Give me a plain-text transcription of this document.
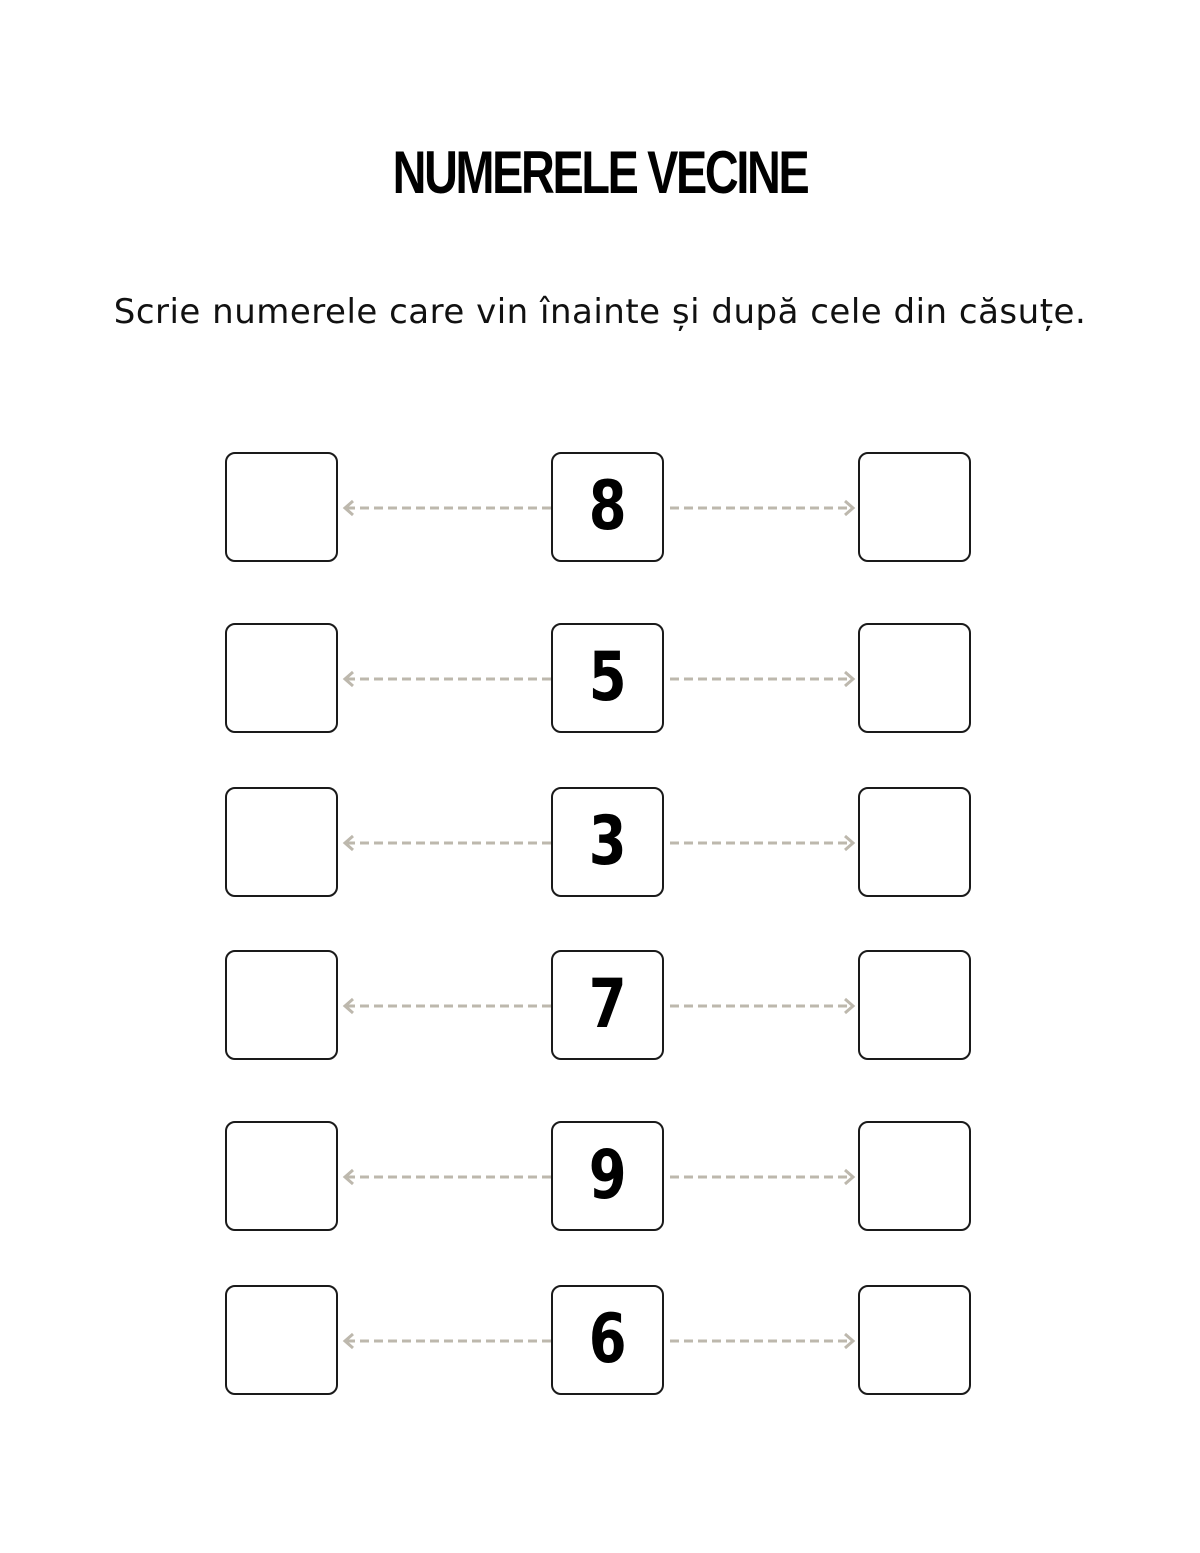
NUMERELE VECINE
Scrie numerele care vin înainte și după cele din căsuțe.
8
5
3
7
9
6
